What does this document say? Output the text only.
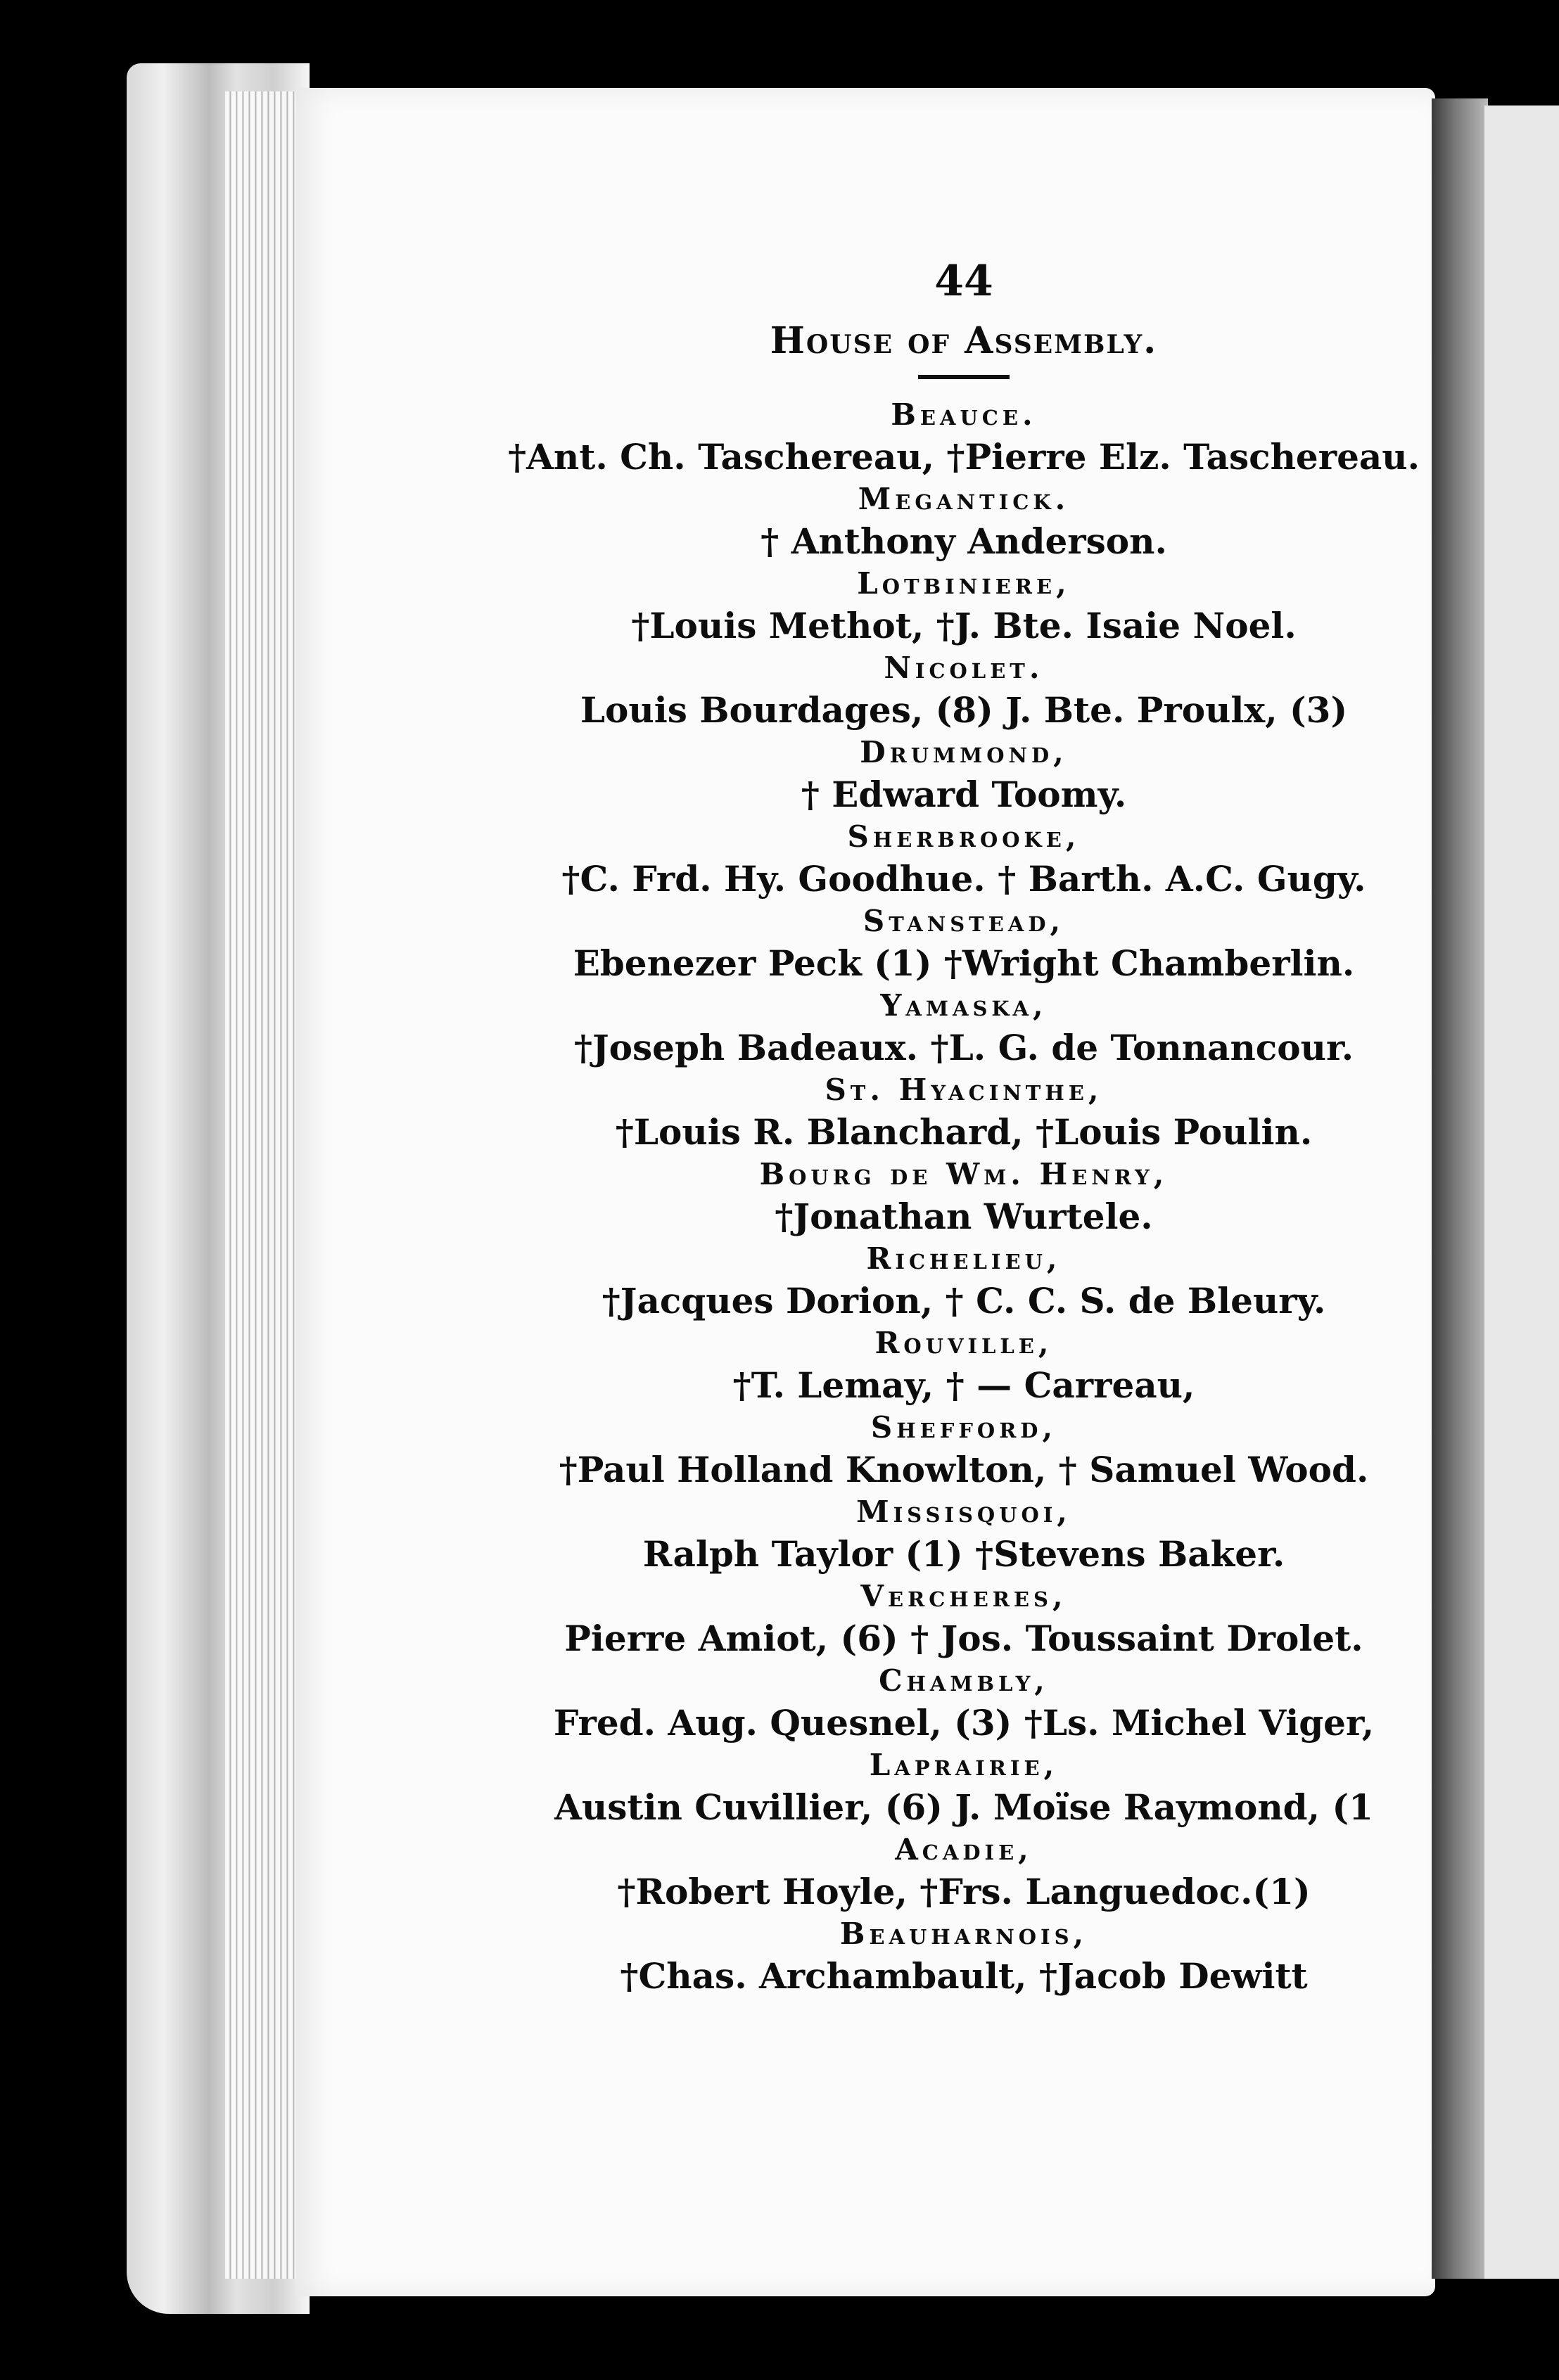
44
House of Assembly.
Beauce.
†Ant. Ch. Taschereau, †Pierre Elz. Taschereau.
Megantick.
† Anthony Anderson.
Lotbiniere,
†Louis Methot, †J. Bte. Isaie Noel.
Nicolet.
Louis Bourdages, (8) J. Bte. Proulx, (3)
Drummond,
† Edward Toomy.
Sherbrooke,
†C. Frd. Hy. Goodhue. † Barth. A.C. Gugy.
Stanstead,
Ebenezer Peck (1) †Wright Chamberlin.
Yamaska,
†Joseph Badeaux. †L. G. de Tonnancour.
St. Hyacinthe,
†Louis R. Blanchard, †Louis Poulin.
Bourg de Wm. Henry,
†Jonathan Wurtele.
Richelieu,
†Jacques Dorion, † C. C. S. de Bleury.
Rouville,
†T. Lemay, † — Carreau,
Shefford,
†Paul Holland Knowlton, † Samuel Wood.
Missisquoi,
Ralph Taylor (1) †Stevens Baker.
Vercheres,
Pierre Amiot, (6) † Jos. Toussaint Drolet.
Chambly,
Fred. Aug. Quesnel, (3) †Ls. Michel Viger,
Laprairie,
Austin Cuvillier, (6) J. Moïse Raymond, (1
Acadie,
†Robert Hoyle, †Frs. Languedoc.(1)
Beauharnois,
†Chas. Archambault, †Jacob Dewitt
